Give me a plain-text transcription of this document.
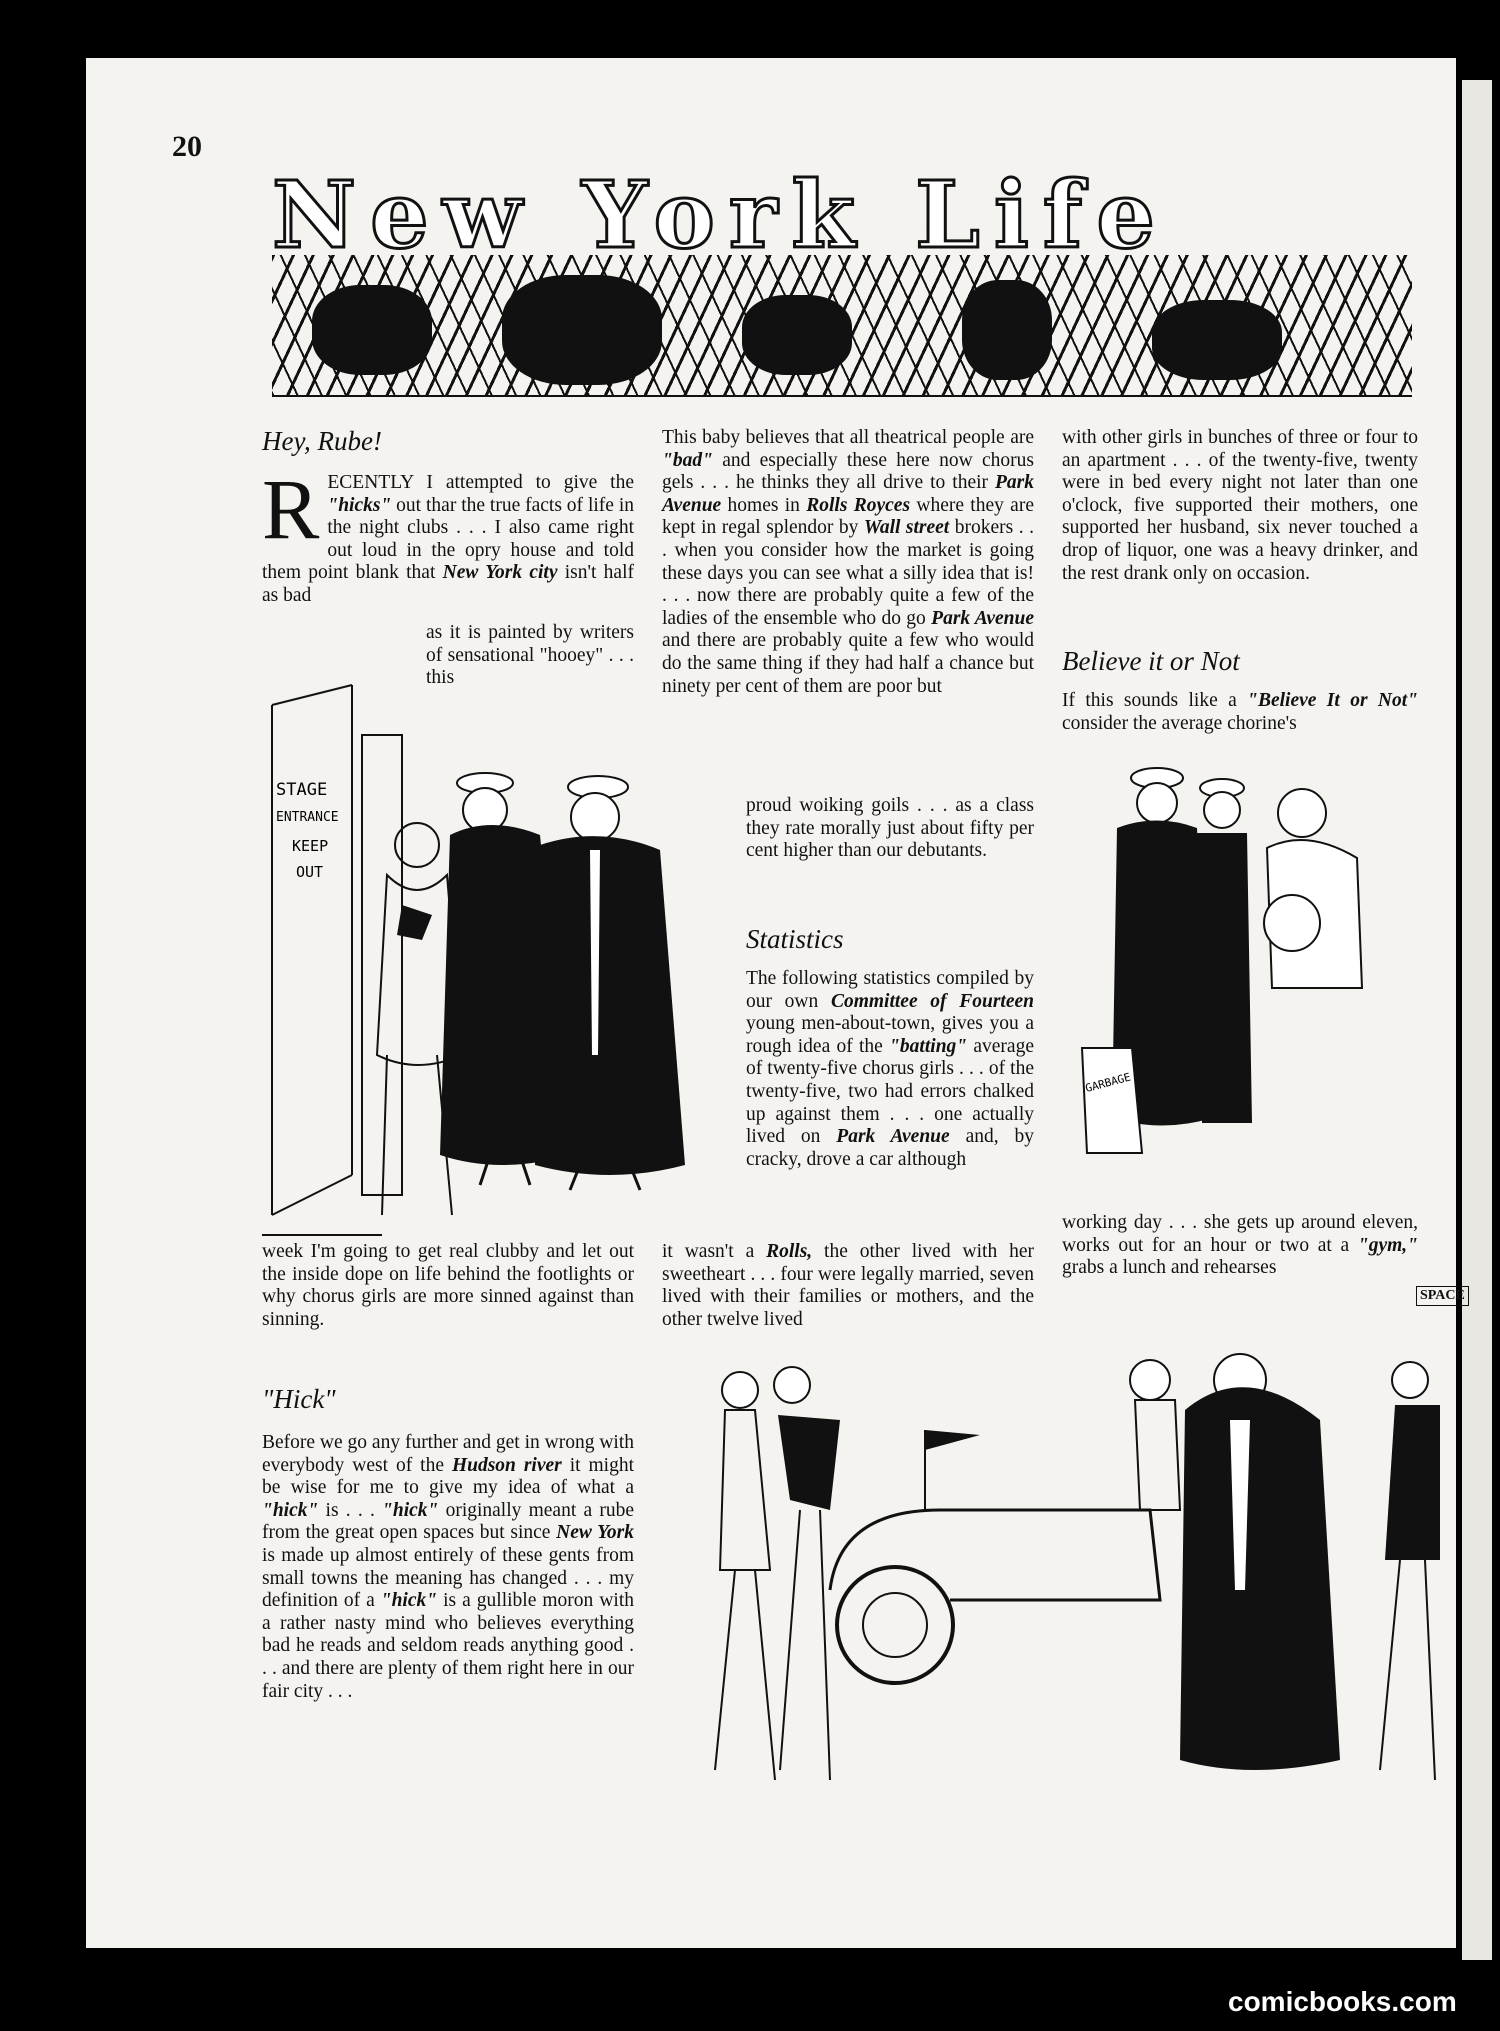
20
New York Life
Hey, Rube!
R ECENTLY I attempted to give the "hicks" out thar the true facts of life in the night clubs . . . I also came right out loud in the opry house and told them point blank that New York city isn't half as bad
as it is painted by writers of sensational "hooey" . . . this
STAGE
ENTRANCE
KEEP
OUT
week I'm going to get real clubby and let out the inside dope on life behind the footlights or why chorus girls are more sinned against than sinning.
"Hick"
Before we go any further and get in wrong with everybody west of the Hudson river it might be wise for me to give my idea of what a "hick" is . . . "hick" originally meant a rube from the great open spaces but since New York is made up almost entirely of these gents from small towns the meaning has changed . . . my definition of a "hick" is a gullible moron with a rather nasty mind who believes everything bad he reads and seldom reads anything good . . . and there are plenty of them right here in our fair city . . .
This baby believes that all theatrical people are "bad" and especially these here now chorus gels . . . he thinks they all drive to their Park Avenue homes in Rolls Royces where they are kept in regal splendor by Wall street brokers . . . when you consider how the market is going these days you can see what a silly idea that is! . . . now there are probably quite a few of the ladies of the ensemble who do go Park Avenue and there are probably quite a few who would do the same thing if they had half a chance but ninety per cent of them are poor but
proud woiking goils . . . as a class they rate morally just about fifty per cent higher than our debutants.
Statistics
The following statistics compiled by our own Committee of Fourteen young men-about-town, gives you a rough idea of the "batting" average of twenty-five chorus girls . . . of the twenty-five, two had errors chalked up against them . . . one actually lived on Park Avenue and, by cracky, drove a car although
it wasn't a Rolls, the other lived with her sweetheart . . . four were legally married, seven lived with their families or mothers, and the other twelve lived
with other girls in bunches of three or four to an apartment . . . of the twenty-five, twenty were in bed every night not later than one o'clock, five supported their mothers, one supported her husband, six never touched a drop of liquor, one was a heavy drinker, and the rest drank only on occasion.
Believe it or Not
If this sounds like a "Believe It or Not" consider the average chorine's
GARBAGE
working day . . . she gets up around eleven, works out for an hour or two at a "gym," grabs a lunch and rehearses
SPACE
comicbooks.com
